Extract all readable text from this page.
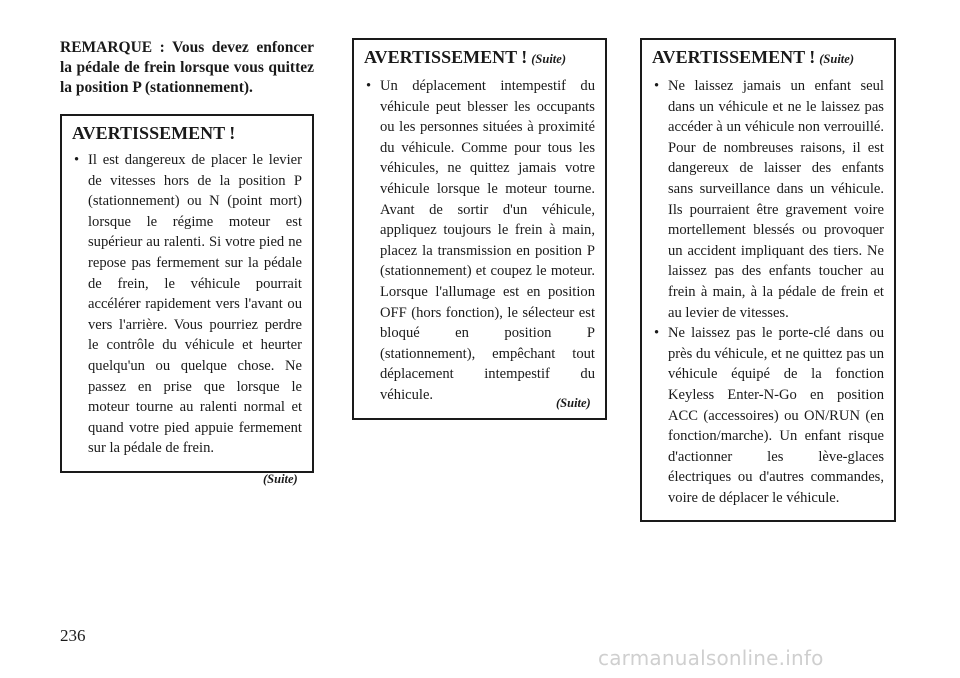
REMARQUE : Vous devez enfoncer la pédale de frein lorsque vous quittez la position P (stationnement).

AVERTISSEMENT !
• Il est dangereux de placer le levier de vitesses hors de la position P (stationnement) ou N (point mort) lorsque le régime moteur est supérieur au ralenti. Si votre pied ne repose pas fermement sur la pédale de frein, le véhicule pourrait accélérer rapidement vers l'avant ou vers l'arrière. Vous pourriez perdre le contrôle du véhicule et heurter quelqu'un ou quelque chose. Ne passez en prise que lorsque le moteur tourne au ralenti normal et quand votre pied appuie fermement sur la pédale de frein.
(Suite)
AVERTISSEMENT ! (Suite)
• Un déplacement intempestif du véhicule peut blesser les occupants ou les personnes situées à proximité du véhicule. Comme pour tous les véhicules, ne quittez jamais votre véhicule lorsque le moteur tourne. Avant de sortir d'un véhicule, appliquez toujours le frein à main, placez la transmission en position P (stationnement) et coupez le moteur. Lorsque l'allumage est en position OFF (hors fonction), le sélecteur est bloqué en position P (stationnement), empêchant tout déplacement intempestif du véhicule.
(Suite)
AVERTISSEMENT ! (Suite)
• Ne laissez jamais un enfant seul dans un véhicule et ne le laissez pas accéder à un véhicule non verrouillé. Pour de nombreuses raisons, il est dangereux de laisser des enfants sans surveillance dans un véhicule. Ils pourraient être gravement voire mortellement blessés ou provoquer un accident impliquant des tiers. Ne laissez pas des enfants toucher au frein à main, à la pédale de frein et au levier de vitesses.
• Ne laissez pas le porte-clé dans ou près du véhicule, et ne quittez pas un véhicule équipé de la fonction Keyless Enter-N-Go en position ACC (accessoires) ou ON/RUN (en fonction/marche). Un enfant risque d'actionner les lève-glaces électriques ou d'autres commandes, voire de déplacer le véhicule.
236
carmanualsonline.info
